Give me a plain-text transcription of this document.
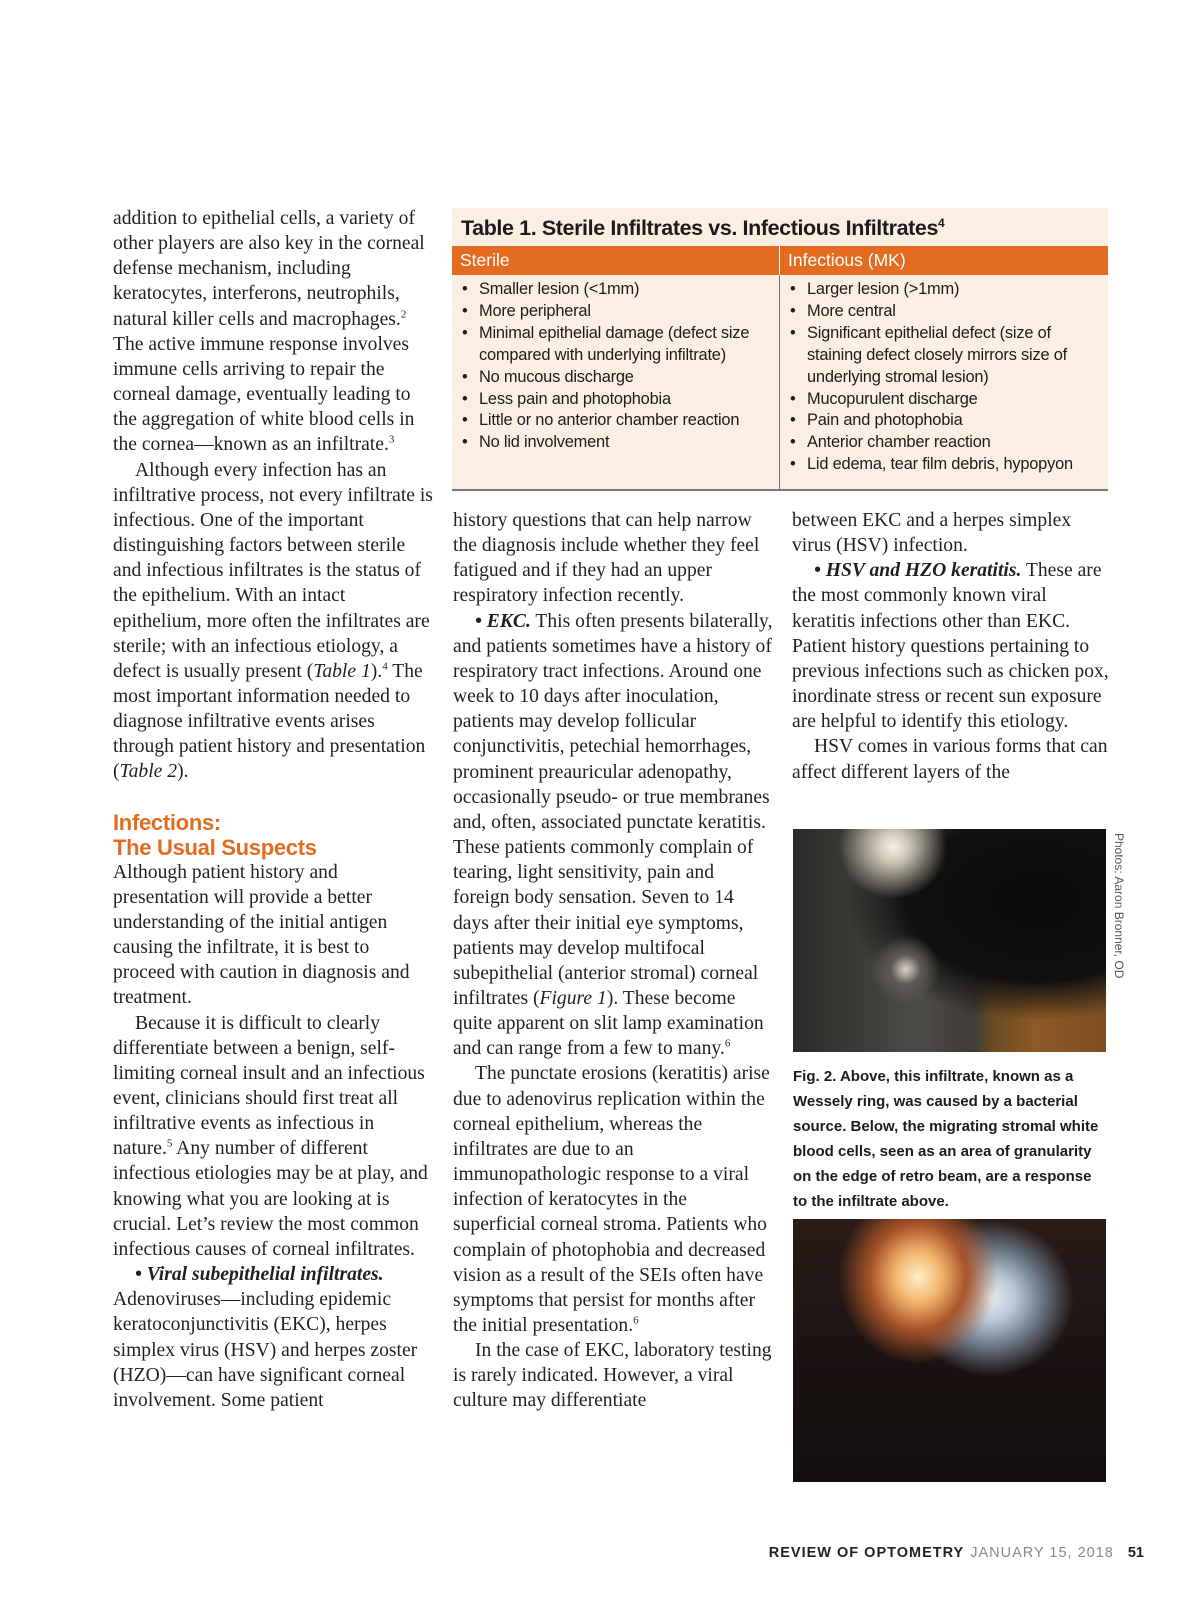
addition to epithelial cells, a variety of other players are also key in the corneal defense mechanism, including keratocytes, interferons, neutrophils, natural killer cells and macrophages.$^2$ The active immune response involves immune cells arriving to repair the corneal damage, eventually leading to the aggregation of white blood cells in the cornea—known as an infiltrate.$^3$

Although every infection has an infiltrative process, not every infiltrate is infectious. One of the important distinguishing factors between sterile and infectious infiltrates is the status of the epithelium. With an intact epithelium, more often the infiltrates are sterile; with an infectious etiology, a defect is usually present (Table 1).$^4$ The most important information needed to diagnose infiltrative events arises through patient history and presentation (Table 2).

Infections:
The Usual Suspects

Although patient history and presentation will provide a better understanding of the initial antigen causing the infiltrate, it is best to proceed with caution in diagnosis and treatment.

Because it is difficult to clearly differentiate between a benign, self-limiting corneal insult and an infectious event, clinicians should first treat all infiltrative events as infectious in nature.$^5$ Any number of different infectious etiologies may be at play, and knowing what you are looking at is crucial. Let’s review the most common infectious causes of corneal infiltrates.

• Viral subepithelial infiltrates. Adenoviruses—including epidemic keratoconjunctivitis (EKC), herpes simplex virus (HSV) and herpes zoster (HZO)—can have significant corneal involvement. Some patient

Table 1. Sterile Infiltrates vs. Infectious Infiltrates$^4$
Sterile	Infectious (MK)
• Smaller lesion (<1mm)
• More peripheral
• Minimal epithelial damage (defect size compared with underlying infiltrate)
• No mucous discharge
• Less pain and photophobia
• Little or no anterior chamber reaction
• No lid involvement
• Larger lesion (>1mm)
• More central
• Significant epithelial defect (size of staining defect closely mirrors size of underlying stromal lesion)
• Mucopurulent discharge
• Pain and photophobia
• Anterior chamber reaction
• Lid edema, tear film debris, hypopyon

history questions that can help narrow the diagnosis include whether they feel fatigued and if they had an upper respiratory infection recently.

• EKC. This often presents bilaterally, and patients sometimes have a history of respiratory tract infections. Around one week to 10 days after inoculation, patients may develop follicular conjunctivitis, petechial hemorrhages, prominent preauricular adenopathy, occasionally pseudo- or true membranes and, often, associated punctate keratitis. These patients commonly complain of tearing, light sensitivity, pain and foreign body sensation. Seven to 14 days after their initial eye symptoms, patients may develop multifocal subepithelial (anterior stromal) corneal infiltrates (Figure 1). These become quite apparent on slit lamp examination and can range from a few to many.$^6$

The punctate erosions (keratitis) arise due to adenovirus replication within the corneal epithelium, whereas the infiltrates are due to an immunopathologic response to a viral infection of keratocytes in the superficial corneal stroma. Patients who complain of photophobia and decreased vision as a result of the SEIs often have symptoms that persist for months after the initial presentation.$^6$

In the case of EKC, laboratory testing is rarely indicated. However, a viral culture may differentiate

between EKC and a herpes simplex virus (HSV) infection.

• HSV and HZO keratitis. These are the most commonly known viral keratitis infections other than EKC. Patient history questions pertaining to previous infections such as chicken pox, inordinate stress or recent sun exposure are helpful to identify this etiology.

HSV comes in various forms that can affect different layers of the

Photos: Aaron Bronner, OD
Fig. 2. Above, this infiltrate, known as a Wessely ring, was caused by a bacterial source. Below, the migrating stromal white blood cells, seen as an area of granularity on the edge of retro beam, are a response to the infiltrate above.
REVIEW OF OPTOMETRY JANUARY 15, 2018 51
